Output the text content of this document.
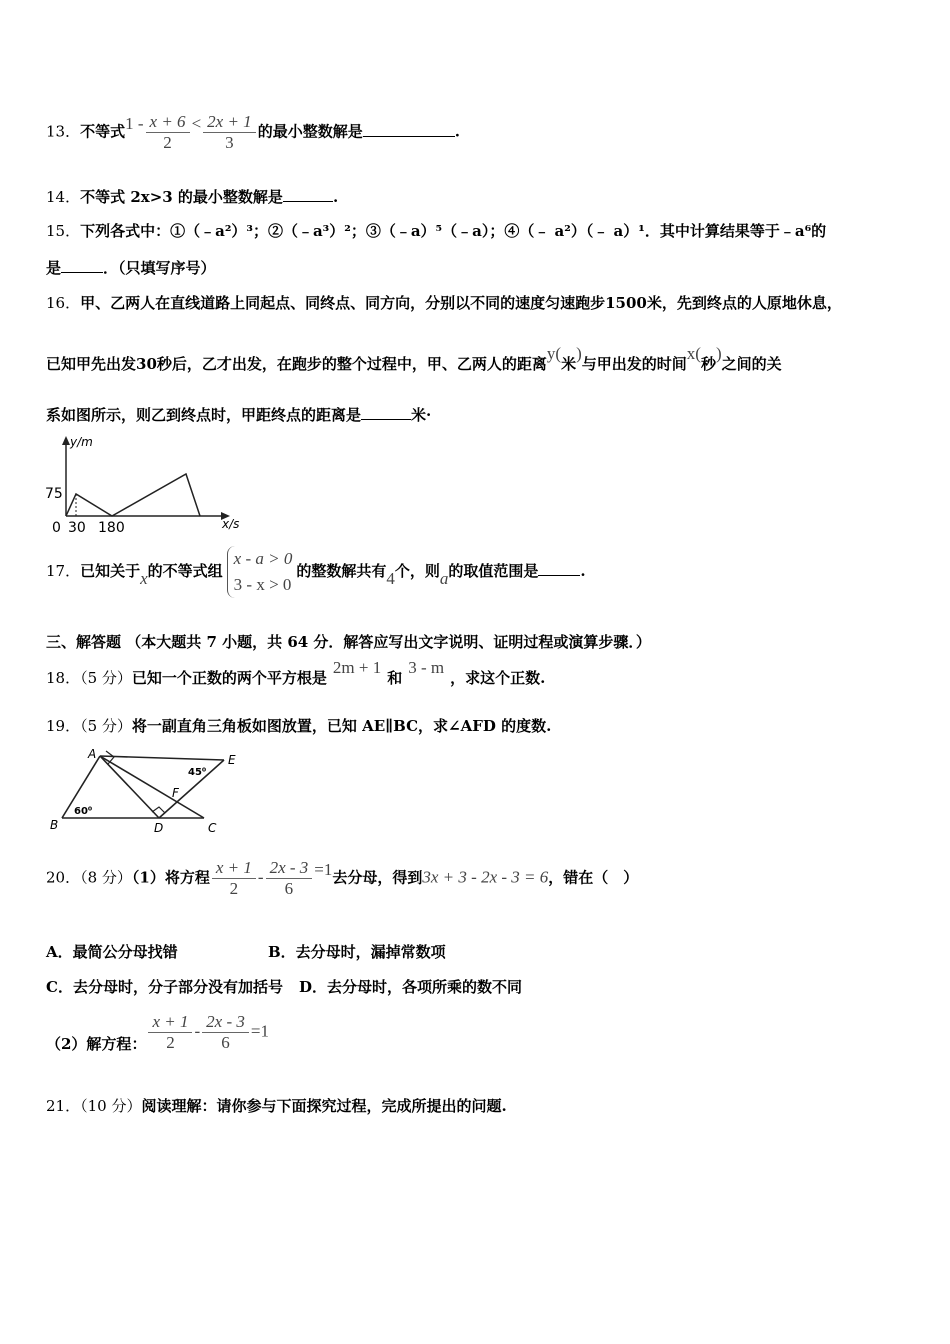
13．不等式$1 - \frac{x + 6}{2} < \frac{2x + 1}{3}$ 的最小整数解是	.
14．不等式 2x>3 的最小整数解是	.
15．下列各式中：①（﹣a²）³；②（﹣a³）²；③（﹣a）⁵（﹣a）；④（﹣ a²）（﹣ a）¹．其中计算结果等于﹣a⁶的
是	．（只填写序号）
16．甲、乙两人在直线道路上同起点、同终点、同方向，分别以不同的速度匀速跑步1500米，先到终点的人原地休息，
已知甲先出发30秒后，乙才出发，在跑步的整个过程中，甲、乙两人的距离y(米)与甲出发的时间x(秒)之间的关
系如图所示，则乙到终点时，甲距终点的距离是	米·
y/m
x/s
75
0 30 180
17．已知关于x的不等式组
x - a > 0
3 - x > 0
的整数解共有4个，则a的取值范围是	.
三、解答题 （本大题共 7 小题，共 64 分．解答应写出文字说明、证明过程或演算步骤．）
18．（5 分）已知一个正数的两个平方根是2m + 1和3 - m，求这个正数.
19．（5 分）将一副直角三角板如图放置，已知 AE∥BC，求∠AFD 的度数.
A
B	C
D
E
F
45⁰
60⁰
20．（8 分）（1）将方程 $\frac{x + 1}{2} - \frac{2x - 3}{6} =1$去分母，得到3x + 3 - 2x - 3 = 6，错在（　）
A．最简公分母找错	B．去分母时，漏掉常数项
C．去分母时，分子部分没有加括号 D．去分母时，各项所乘的数不同
（2）解方程： $\frac{x + 1}{2} - \frac{2x - 3}{6} =1$
21．（10 分）阅读理解：请你参与下面探究过程，完成所提出的问题.
